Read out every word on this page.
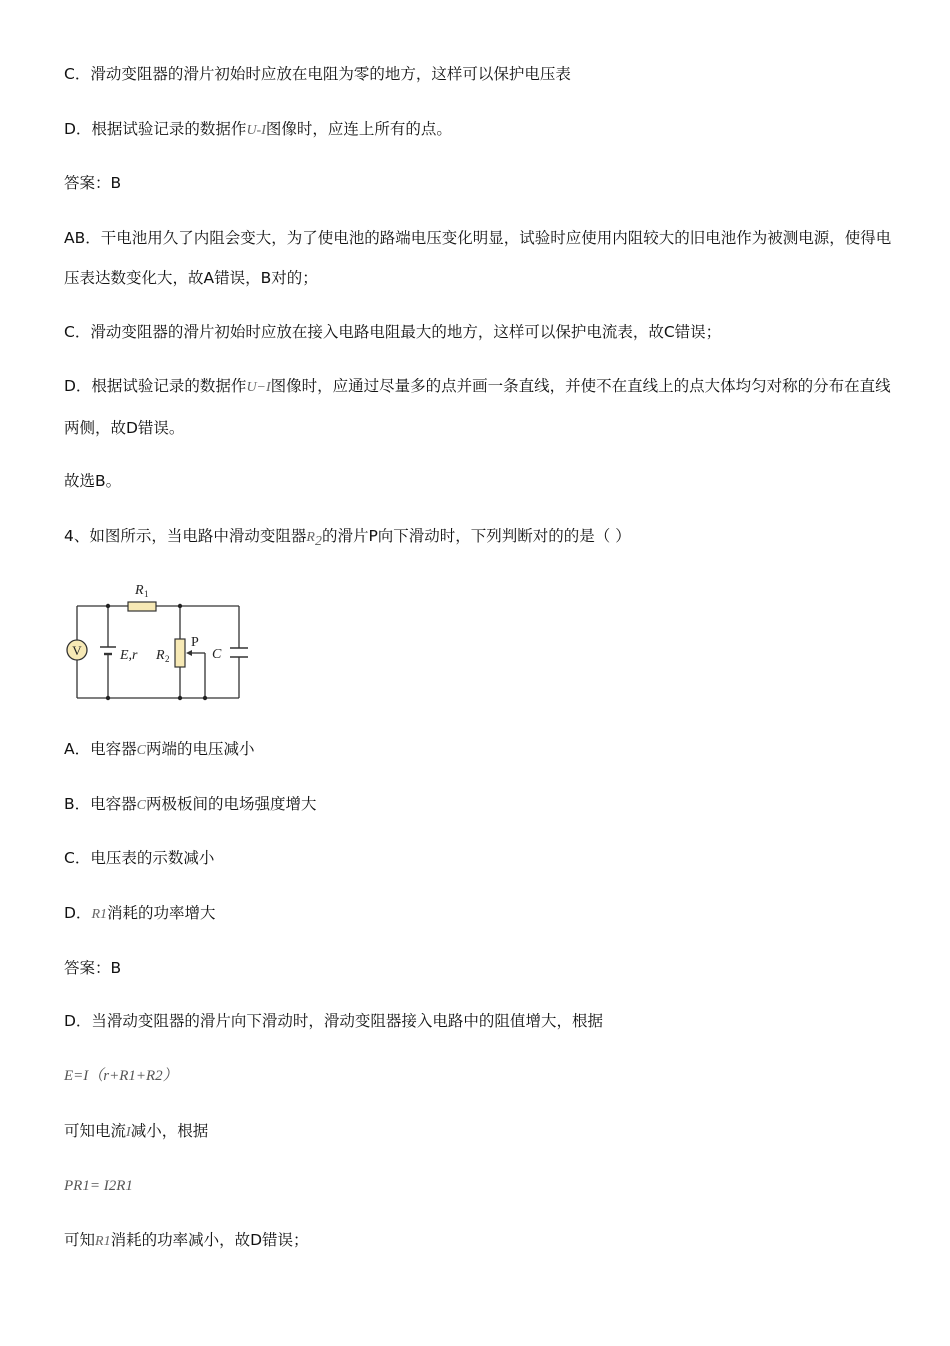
C．滑动变阻器的滑片初始时应放在电阻为零的地方，这样可以保护电压表
D．根据试验记录的数据作U-I图像时，应连上所有的点。
答案：B
AB．干电池用久了内阻会变大，为了使电池的路端电压变化明显，试验时应使用内阻较大的旧电池作为被测电源，使得电压表达数变化大，故A错误，B对的；
C．滑动变阻器的滑片初始时应放在接入电路电阻最大的地方，这样可以保护电流表，故C错误；
D．根据试验记录的数据作U−I图像时，应通过尽量多的点并画一条直线，并使不在直线上的点大体均匀对称的分布在直线两侧，故D错误。
故选B。
4、如图所示，当电路中滑动变阻器$R_2$的滑片P向下滑动时，下列判断对的的是（ ）
V
R 1
R 2
P
C
E,r
A．电容器C两端的电压减小
B．电容器C两极板间的电场强度增大
C．电压表的示数减小
D．R1消耗的功率增大
答案：B
D．当滑动变阻器的滑片向下滑动时，滑动变阻器接入电路中的阻值增大，根据
E=I（r+R1+R2）
可知电流I减小，根据
PR1= I2R1
可知R1消耗的功率减小，故D错误；
